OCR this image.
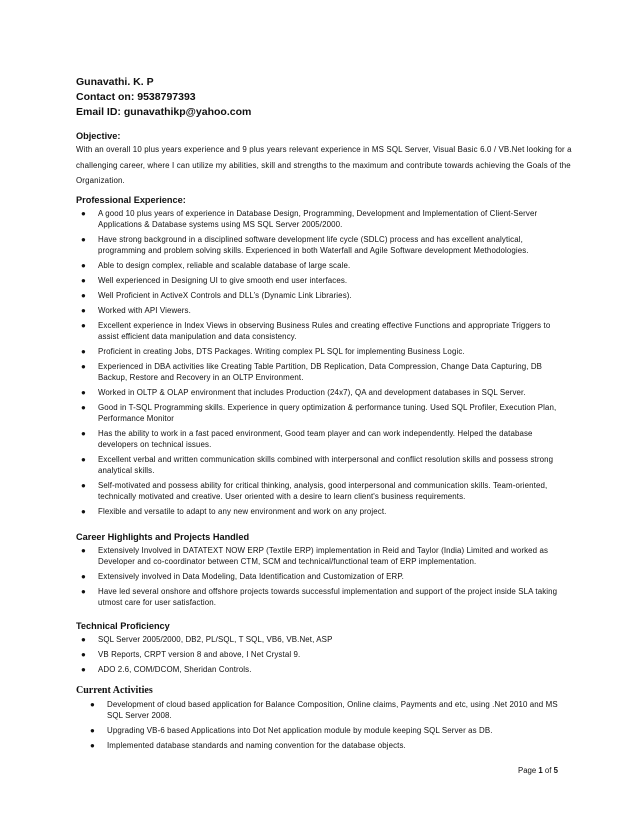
Gunavathi. K. P
Contact on: 9538797393
Email ID: gunavathikp@yahoo.com
Objective:
With an overall 10 plus years experience and 9 plus years relevant experience in MS SQL Server, Visual Basic 6.0 / VB.Net looking for a challenging career, where I can utilize my abilities, skill and strengths to the maximum and contribute towards achieving the Goals of the Organization.
Professional Experience:
● A good 10 plus years of experience in Database Design, Programming, Development and Implementation of Client-Server Applications & Database systems using MS SQL Server 2005/2000.
● Have strong background in a disciplined software development life cycle (SDLC) process and has excellent analytical, programming and problem solving skills. Experienced in both Waterfall and Agile Software development Methodologies.
● Able to design complex, reliable and scalable database of large scale.
● Well experienced in Designing UI to give smooth end user interfaces.
● Well Proficient in ActiveX Controls and DLL’s (Dynamic Link Libraries).
● Worked with API Viewers.
● Excellent experience in Index Views in observing Business Rules and creating effective Functions and appropriate Triggers to assist efficient data manipulation and data consistency.
● Proficient in creating Jobs, DTS Packages. Writing complex PL SQL for implementing Business Logic.
● Experienced in DBA activities like Creating Table Partition, DB Replication, Data Compression, Change Data Capturing, DB Backup, Restore and Recovery in an OLTP Environment.
● Worked in OLTP & OLAP environment that includes Production (24x7), QA and development databases in SQL Server.
● Good in T-SQL Programming skills. Experience in query optimization & performance tuning. Used SQL Profiler, Execution Plan, Performance Monitor
● Has the ability to work in a fast paced environment, Good team player and can work independently. Helped the database developers on technical issues.
● Excellent verbal and written communication skills combined with interpersonal and conflict resolution skills and possess strong analytical skills.
● Self-motivated and possess ability for critical thinking, analysis, good interpersonal and communication skills. Team-oriented, technically motivated and creative. User oriented with a desire to learn client's business requirements.
● Flexible and versatile to adapt to any new environment and work on any project.
Career Highlights and Projects Handled
● Extensively Involved in DATATEXT NOW ERP (Textile ERP) implementation in Reid and Taylor (India) Limited and worked as Developer and co-coordinator between CTM, SCM and technical/functional team of ERP implementation.
● Extensively involved in Data Modeling, Data Identification and Customization of ERP.
● Have led several onshore and offshore projects towards successful implementation and support of the project inside SLA taking utmost care for user satisfaction.
Technical Proficiency
● SQL Server 2005/2000, DB2, PL/SQL, T SQL, VB6, VB.Net, ASP
● VB Reports, CRPT version 8 and above, I Net Crystal 9.
● ADO 2.6, COM/DCOM, Sheridan Controls.
Current Activities
● Development of cloud based application for Balance Composition, Online claims, Payments and etc, using .Net 2010 and MS SQL Server 2008.
● Upgrading VB-6 based Applications into Dot Net application module by module keeping SQL Server as DB.
● Implemented database standards and naming convention for the database objects.
Page 1 of 5
